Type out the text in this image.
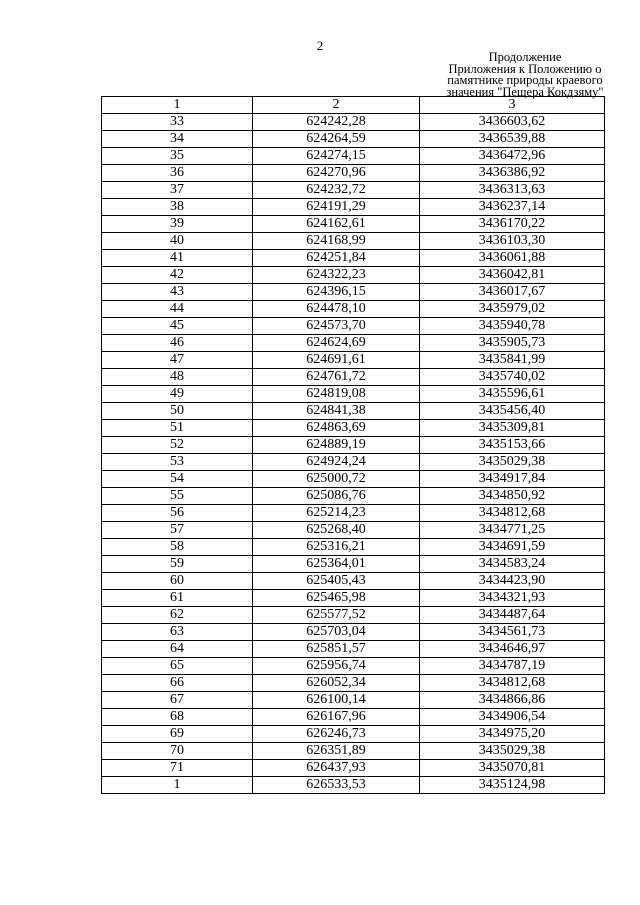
2
Продолжение
Приложения к Положению о
памятнике природы краевого
значения "Пещера Кокдзяму"
1	2	3
33	624242,28	3436603,62
34	624264,59	3436539,88
35	624274,15	3436472,96
36	624270,96	3436386,92
37	624232,72	3436313,63
38	624191,29	3436237,14
39	624162,61	3436170,22
40	624168,99	3436103,30
41	624251,84	3436061,88
42	624322,23	3436042,81
43	624396,15	3436017,67
44	624478,10	3435979,02
45	624573,70	3435940,78
46	624624,69	3435905,73
47	624691,61	3435841,99
48	624761,72	3435740,02
49	624819,08	3435596,61
50	624841,38	3435456,40
51	624863,69	3435309,81
52	624889,19	3435153,66
53	624924,24	3435029,38
54	625000,72	3434917,84
55	625086,76	3434850,92
56	625214,23	3434812,68
57	625268,40	3434771,25
58	625316,21	3434691,59
59	625364,01	3434583,24
60	625405,43	3434423,90
61	625465,98	3434321,93
62	625577,52	3434487,64
63	625703,04	3434561,73
64	625851,57	3434646,97
65	625956,74	3434787,19
66	626052,34	3434812,68
67	626100,14	3434866,86
68	626167,96	3434906,54
69	626246,73	3434975,20
70	626351,89	3435029,38
71	626437,93	3435070,81
1	626533,53	3435124,98
